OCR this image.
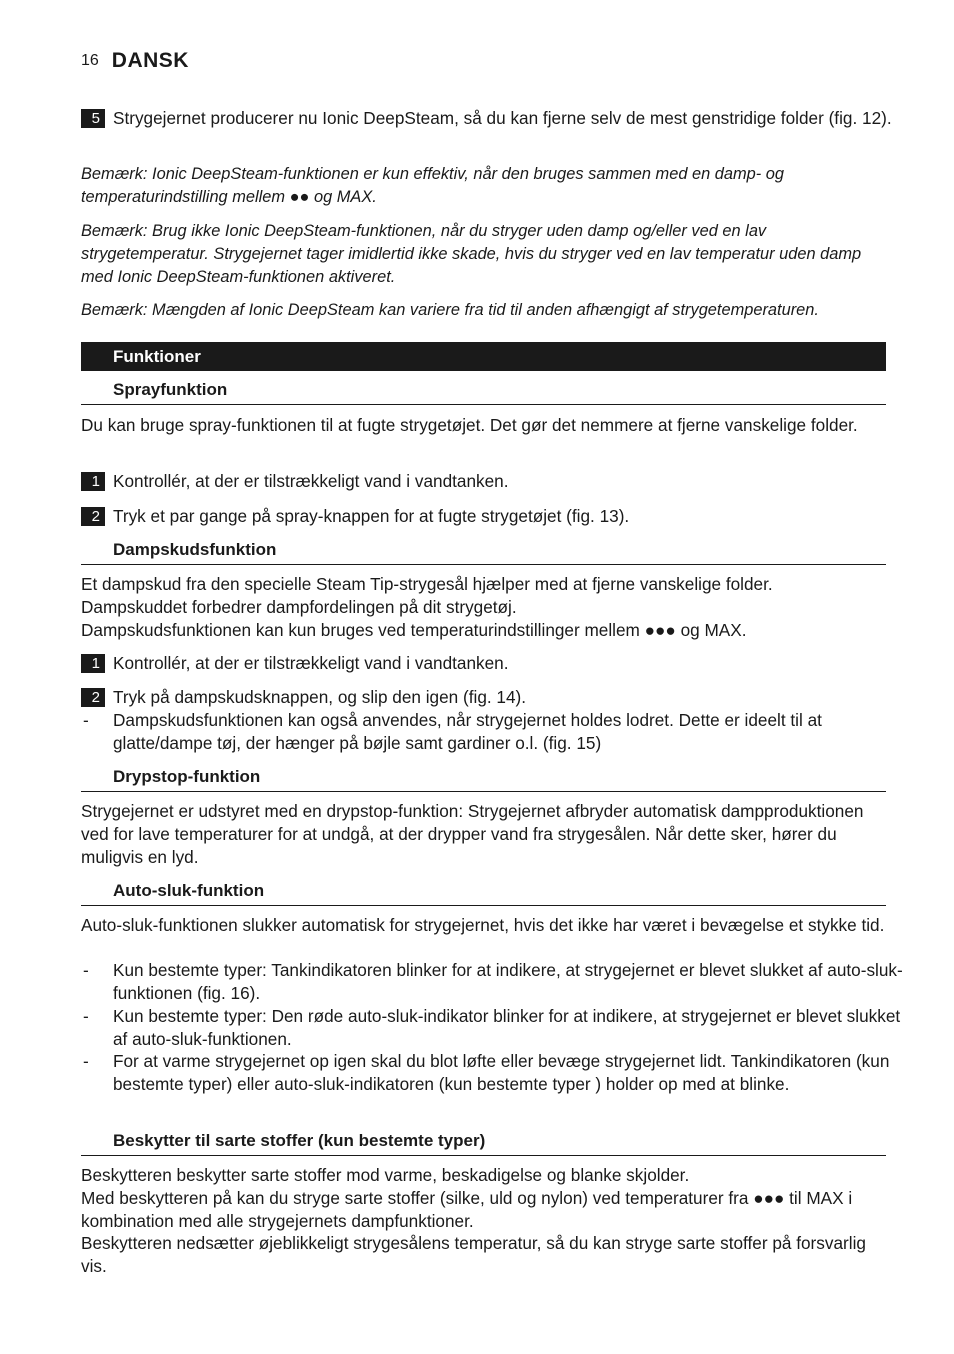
16 DANSK
5 Strygejernet producerer nu Ionic DeepSteam, så du kan fjerne selv de mest genstridige folder (fig. 12).
Bemærk: Ionic DeepSteam-funktionen er kun effektiv, når den bruges sammen med en damp- og temperaturindstilling mellem ●● og MAX.
Bemærk: Brug ikke Ionic DeepSteam-funktionen, når du stryger uden damp og/eller ved en lav strygetemperatur. Strygejernet tager imidlertid ikke skade, hvis du stryger ved en lav temperatur uden damp med Ionic DeepSteam-funktionen aktiveret.
Bemærk: Mængden af Ionic DeepSteam kan variere fra tid til anden afhængigt af strygetemperaturen.
Funktioner
Sprayfunktion
Du kan bruge spray-funktionen til at fugte strygetøjet. Det gør det nemmere at fjerne vanskelige folder.
1 Kontrollér, at der er tilstrækkeligt vand i vandtanken.
2 Tryk et par gange på spray-knappen for at fugte strygetøjet (fig. 13).
Dampskudsfunktion
Et dampskud fra den specielle Steam Tip-strygesål hjælper med at fjerne vanskelige folder.
Dampskuddet forbedrer dampfordelingen på dit strygetøj.
Dampskudsfunktionen kan kun bruges ved temperaturindstillinger mellem ●●● og MAX.
1 Kontrollér, at der er tilstrækkeligt vand i vandtanken.
2 Tryk på dampskudsknappen, og slip den igen (fig. 14).
- Dampskudsfunktionen kan også anvendes, når strygejernet holdes lodret. Dette er ideelt til at glatte/dampe tøj, der hænger på bøjle samt gardiner o.l. (fig. 15)
Drypstop-funktion
Strygejernet er udstyret med en drypstop-funktion: Strygejernet afbryder automatisk dampproduktionen ved for lave temperaturer for at undgå, at der drypper vand fra strygesålen. Når dette sker, hører du muligvis en lyd.
Auto-sluk-funktion
Auto-sluk-funktionen slukker automatisk for strygejernet, hvis det ikke har været i bevægelse et stykke tid.
- Kun bestemte typer: Tankindikatoren blinker for at indikere, at strygejernet er blevet slukket af auto-sluk-funktionen (fig. 16).
- Kun bestemte typer: Den røde auto-sluk-indikator blinker for at indikere, at strygejernet er blevet slukket af auto-sluk-funktionen.
- For at varme strygejernet op igen skal du blot løfte eller bevæge strygejernet lidt. Tankindikatoren (kun bestemte typer) eller auto-sluk-indikatoren (kun bestemte typer ) holder op med at blinke.
Beskytter til sarte stoffer (kun bestemte typer)
Beskytteren beskytter sarte stoffer mod varme, beskadigelse og blanke skjolder.
Med beskytteren på kan du stryge sarte stoffer (silke, uld og nylon) ved temperaturer fra ●●● til MAX i kombination med alle strygejernets dampfunktioner.
Beskytteren nedsætter øjeblikkeligt strygesålens temperatur, så du kan stryge sarte stoffer på forsvarlig vis.
